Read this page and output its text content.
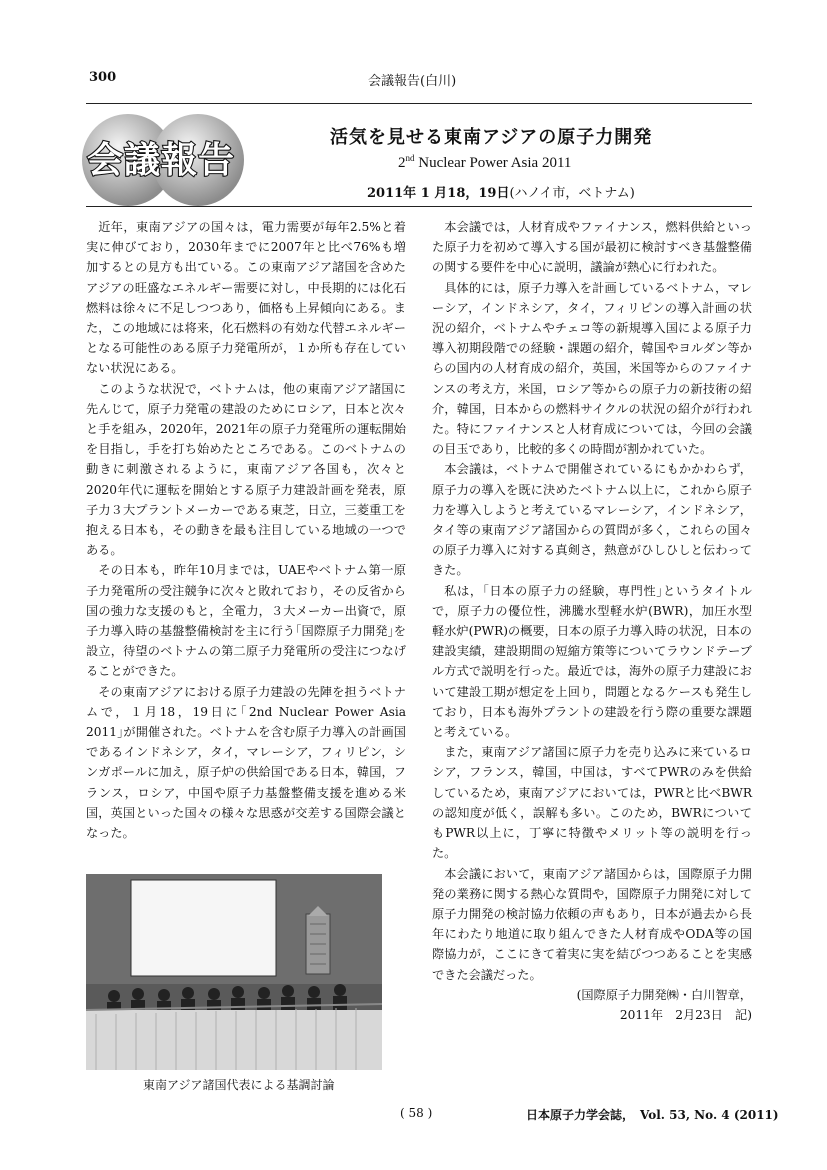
300	会議報告(白川)
会議報告
活気を見せる東南アジアの原子力開発
2nd Nuclear Power Asia 2011
2011年 1 月18，19日(ハノイ市，ベトナム)

近年，東南アジアの国々は，電力需要が毎年2.5%と着実に伸びており，2030年までに2007年と比べ76%も増加するとの見方も出ている。この東南アジア諸国を含めたアジアの旺盛なエネルギー需要に対し，中長期的には化石燃料は徐々に不足しつつあり，価格も上昇傾向にある。また，この地域には将来，化石燃料の有効な代替エネルギーとなる可能性のある原子力発電所が，１か所も存在していない状況にある。

このような状況で，ベトナムは，他の東南アジア諸国に先んじて，原子力発電の建設のためにロシア，日本と次々と手を組み，2020年，2021年の原子力発電所の運転開始を目指し，手を打ち始めたところである。このベトナムの動きに刺激されるように，東南アジア各国も，次々と2020年代に運転を開始とする原子力建設計画を発表，原子力３大プラントメーカーである東芝，日立，三菱重工を抱える日本も，その動きを最も注目している地域の一つである。

その日本も，昨年10月までは，UAEやベトナム第一原子力発電所の受注競争に次々と敗れており，その反省から国の強力な支援のもと，全電力，３大メーカー出資で，原子力導入時の基盤整備検討を主に行う｢国際原子力開発｣を設立，待望のベトナムの第二原子力発電所の受注につなげることができた。

その東南アジアにおける原子力建設の先陣を担うベトナムで，１月18，19日に｢2nd Nuclear Power Asia 2011｣が開催された。ベトナムを含む原子力導入の計画国であるインドネシア，タイ，マレーシア，フィリピン，シンガポールに加え，原子炉の供給国である日本，韓国，フランス，ロシア，中国や原子力基盤整備支援を進める米国，英国といった国々の様々な思惑が交差する国際会議となった。

本会議では，人材育成やファイナンス，燃料供給といった原子力を初めて導入する国が最初に検討すべき基盤整備の関する要件を中心に説明，議論が熱心に行われた。

具体的には，原子力導入を計画しているベトナム，マレーシア，インドネシア，タイ，フィリピンの導入計画の状況の紹介，ベトナムやチェコ等の新規導入国による原子力導入初期段階での経験・課題の紹介，韓国やヨルダン等からの国内の人材育成の紹介，英国，米国等からのファイナンスの考え方，米国，ロシア等からの原子力の新技術の紹介，韓国，日本からの燃料サイクルの状況の紹介が行われた。特にファイナンスと人材育成については，今回の会議の目玉であり，比較的多くの時間が割かれていた。

本会議は，ベトナムで開催されているにもかかわらず，原子力の導入を既に決めたベトナム以上に，これから原子力を導入しようと考えているマレーシア，インドネシア，タイ等の東南アジア諸国からの質問が多く，これらの国々の原子力導入に対する真剣さ，熱意がひしひしと伝わってきた。

私は，｢日本の原子力の経験，専門性｣というタイトルで，原子力の優位性，沸騰水型軽水炉(BWR)，加圧水型軽水炉(PWR)の概要，日本の原子力導入時の状況，日本の建設実績，建設期間の短縮方策等についてラウンドテーブル方式で説明を行った。最近では，海外の原子力建設において建設工期が想定を上回り，問題となるケースも発生しており，日本も海外プラントの建設を行う際の重要な課題と考えている。

また，東南アジア諸国に原子力を売り込みに来ているロシア，フランス，韓国，中国は，すべてPWRのみを供給しているため，東南アジアにおいては，PWRと比べBWRの認知度が低く，誤解も多い。このため，BWRについてもPWR以上に，丁寧に特徴やメリット等の説明を行った。

本会議において，東南アジア諸国からは，国際原子力開発の業務に関する熱心な質問や，国際原子力開発に対して原子力開発の検討協力依頼の声もあり，日本が過去から長年にわたり地道に取り組んできた人材育成やODA等の国際協力が，ここにきて着実に実を結びつつあることを実感できた会議だった。

(国際原子力開発㈱・白川智章，

2011年　2月23日　記)

東南アジア諸国代表による基調討論
( 58 )	日本原子力学会誌，　Vol. 53, No. 4 (2011)
